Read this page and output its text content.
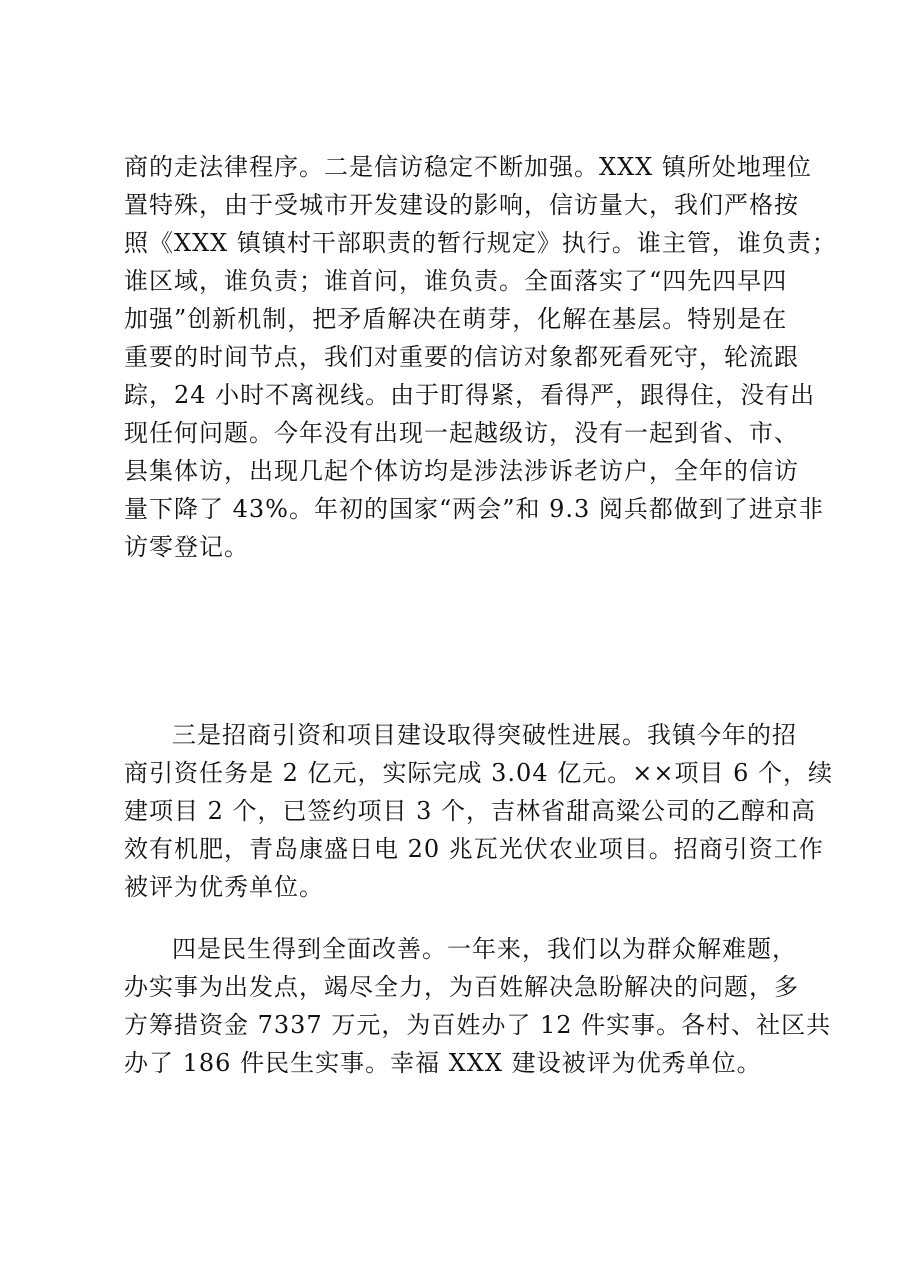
商的走法律程序。二是信访稳定不断加强。XXX 镇所处地理位
置特殊，由于受城市开发建设的影响，信访量大，我们严格按
照《XXX 镇镇村干部职责的暂行规定》执行。谁主管，谁负责；
谁区域，谁负责；谁首问，谁负责。全面落实了“四先四早四
加强”创新机制，把矛盾解决在萌芽，化解在基层。特别是在
重要的时间节点，我们对重要的信访对象都死看死守，轮流跟
踪，24 小时不离视线。由于盯得紧，看得严，跟得住，没有出
现任何问题。今年没有出现一起越级访，没有一起到省、市、
县集体访，出现几起个体访均是涉法涉诉老访户，全年的信访
量下降了 43%。年初的国家“两会”和 9.3 阅兵都做到了进京非
访零登记。
三是招商引资和项目建设取得突破性进展。我镇今年的招
商引资任务是 2 亿元，实际完成 3.04 亿元。××项目 6 个，续
建项目 2 个，已签约项目 3 个，吉林省甜高粱公司的乙醇和高
效有机肥，青岛康盛日电 20 兆瓦光伏农业项目。招商引资工作
被评为优秀单位。
四是民生得到全面改善。一年来，我们以为群众解难题，
办实事为出发点，竭尽全力，为百姓解决急盼解决的问题，多
方筹措资金 7337 万元，为百姓办了 12 件实事。各村、社区共
办了 186 件民生实事。幸福 XXX 建设被评为优秀单位。
